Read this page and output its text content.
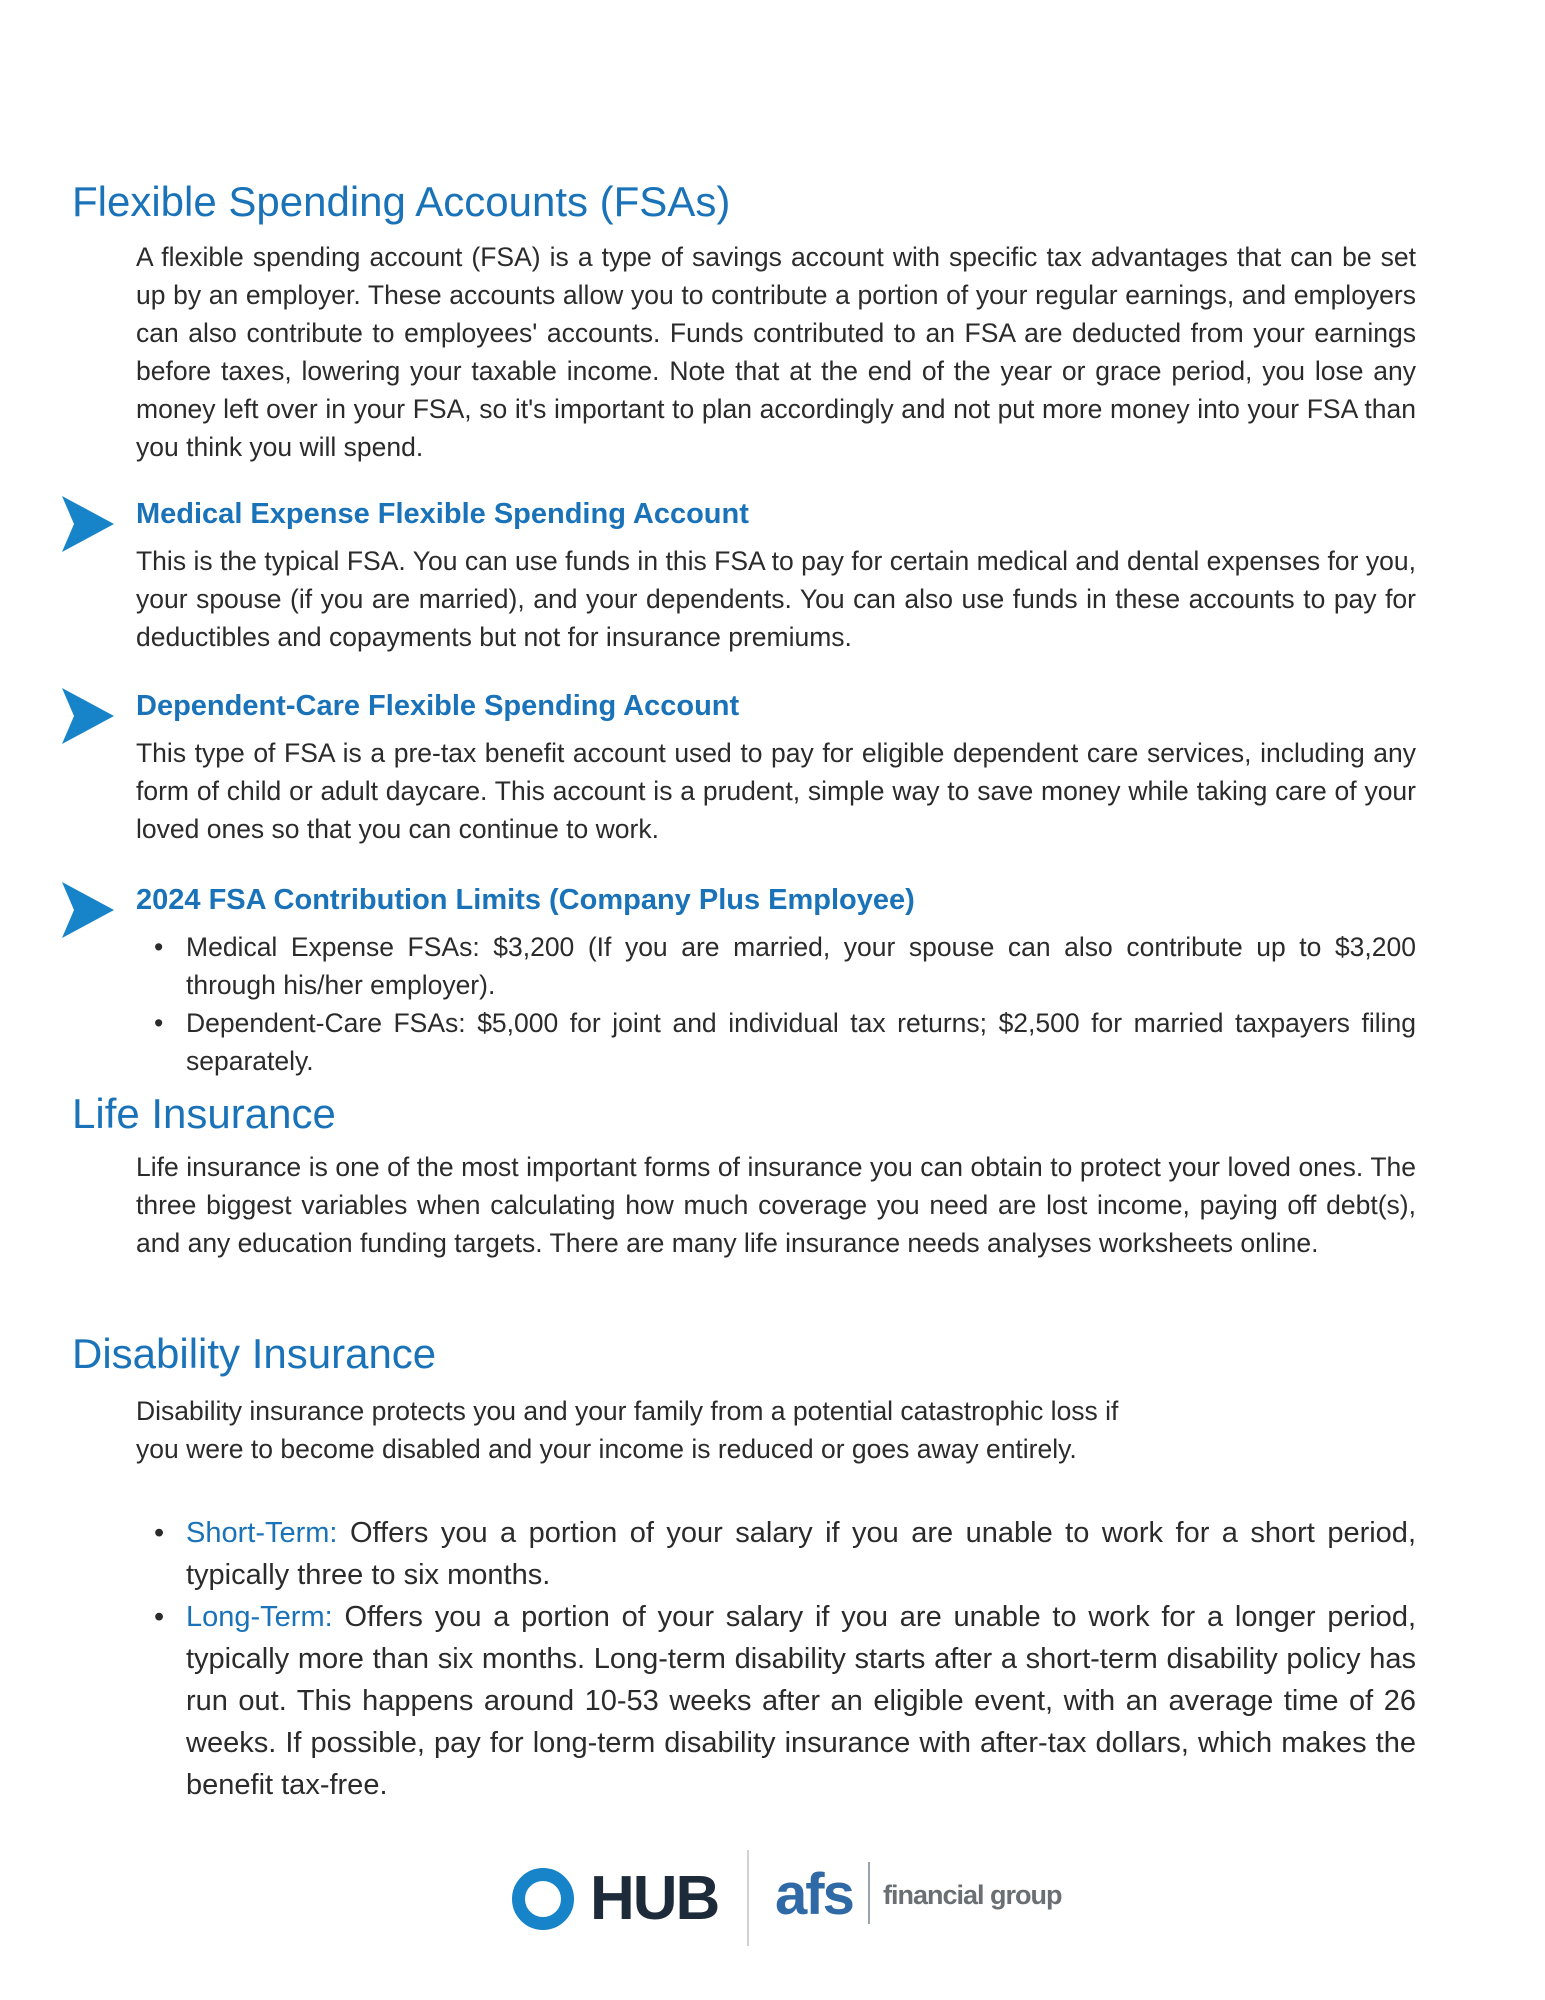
Flexible Spending Accounts (FSAs)

A flexible spending account (FSA) is a type of savings account with specific tax advantages that can be set up by an employer. These accounts allow you to contribute a portion of your regular earnings, and employers can also contribute to employees' accounts. Funds contributed to an FSA are deducted from your earnings before taxes, lowering your taxable income. Note that at the end of the year or grace period, you lose any money left over in your FSA, so it's important to plan accordingly and not put more money into your FSA than you think you will spend.

Medical Expense Flexible Spending Account

This is the typical FSA. You can use funds in this FSA to pay for certain medical and dental expenses for you, your spouse (if you are married), and your dependents. You can also use funds in these accounts to pay for deductibles and copayments but not for insurance premiums.

Dependent-Care Flexible Spending Account

This type of FSA is a pre-tax benefit account used to pay for eligible dependent care services, including any form of child or adult daycare. This account is a prudent, simple way to save money while taking care of your loved ones so that you can continue to work.

2024 FSA Contribution Limits (Company Plus Employee)
• Medical Expense FSAs: $3,200 (If you are married, your spouse can also contribute up to $3,200 through his/her employer).
• Dependent-Care FSAs: $5,000 for joint and individual tax returns; $2,500 for married taxpayers filing separately.
Life Insurance

Life insurance is one of the most important forms of insurance you can obtain to protect your loved ones. The three biggest variables when calculating how much coverage you need are lost income, paying off debt(s), and any education funding targets. There are many life insurance needs analyses worksheets online.

Disability Insurance

Disability insurance protects you and your family from a potential catastrophic loss if
you were to become disabled and your income is reduced or goes away entirely.

• Short-Term: Offers you a portion of your salary if you are unable to work for a short period, typically three to six months.
• Long-Term: Offers you a portion of your salary if you are unable to work for a longer period, typically more than six months. Long-term disability starts after a short-term disability policy has run out. This happens around 10-53 weeks after an eligible event, with an average time of 26 weeks. If possible, pay for long-term disability insurance with after-tax dollars, which makes the benefit tax-free.
HUB afs financial group
